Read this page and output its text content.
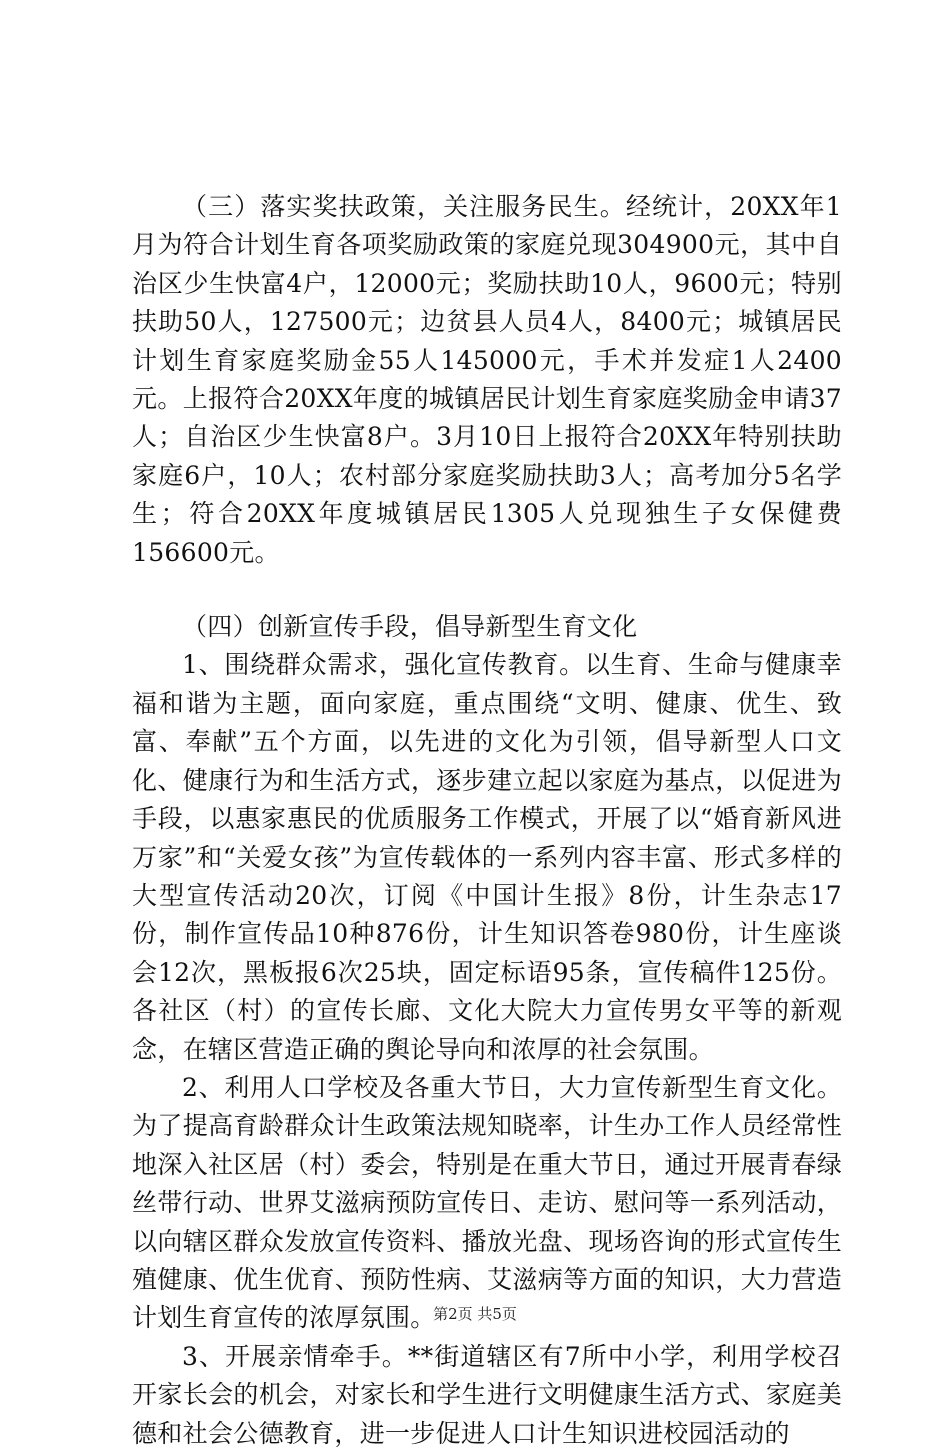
（三）落实奖扶政策，关注服务民生。经统计，20XX年1月为符合计划生育各项奖励政策的家庭兑现304900元，其中自治区少生快富4户，12000元；奖励扶助10人，9600元；特别扶助50人，127500元；边贫县人员4人，8400元；城镇居民计划生育家庭奖励金55人145000元，手术并发症1人2400元。上报符合20XX年度的城镇居民计划生育家庭奖励金申请37人；自治区少生快富8户。3月10日上报符合20XX年特别扶助家庭6户，10人；农村部分家庭奖励扶助3人；高考加分5名学生；符合20XX年度城镇居民1305人兑现独生子女保健费156600元。

（四）创新宣传手段，倡导新型生育文化

1、围绕群众需求，强化宣传教育。以生育、生命与健康幸福和谐为主题，面向家庭，重点围绕“文明、健康、优生、致富、奉献”五个方面，以先进的文化为引领，倡导新型人口文化、健康行为和生活方式，逐步建立起以家庭为基点，以促进为手段，以惠家惠民的优质服务工作模式，开展了以“婚育新风进万家”和“关爱女孩”为宣传载体的一系列内容丰富、形式多样的大型宣传活动20次，订阅《中国计生报》8份，计生杂志17份，制作宣传品10种876份，计生知识答卷980份，计生座谈会12次，黑板报6次25块，固定标语95条，宣传稿件125份。各社区（村）的宣传长廊、文化大院大力宣传男女平等的新观念，在辖区营造正确的舆论导向和浓厚的社会氛围。

2、利用人口学校及各重大节日，大力宣传新型生育文化。为了提高育龄群众计生政策法规知晓率，计生办工作人员经常性地深入社区居（村）委会，特别是在重大节日，通过开展青春绿丝带行动、世界艾滋病预防宣传日、走访、慰问等一系列活动，以向辖区群众发放宣传资料、播放光盘、现场咨询的形式宣传生殖健康、优生优育、预防性病、艾滋病等方面的知识，大力营造计划生育宣传的浓厚氛围。

3、开展亲情牵手。**街道辖区有7所中小学，利用学校召开家长会的机会，对家长和学生进行文明健康生活方式、家庭美德和社会公德教育，进一步促进人口计生知识进校园活动的

第2页 共5页
